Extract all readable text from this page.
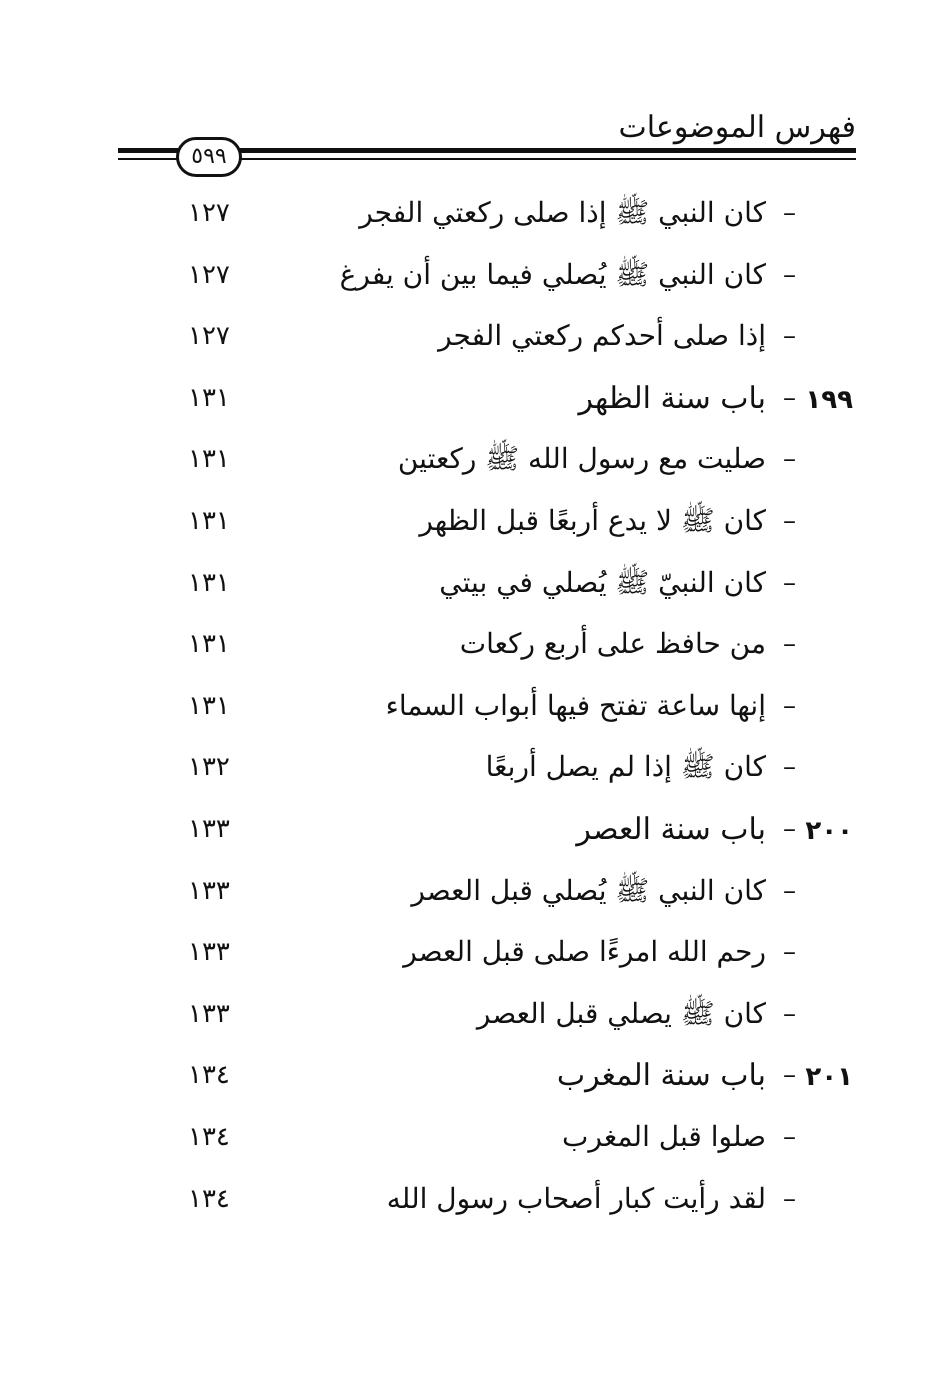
فهرس الموضوعات
٥٩٩
–
كان النبي ﷺ إذا صلى ركعتي الفجر
١٢٧
–
كان النبي ﷺ يُصلي فيما بين أن يفرغ
١٢٧
–
إذا صلى أحدكم ركعتي الفجر
١٢٧
١٩٩
–
باب سنة الظهر
١٣١
–
صليت مع رسول الله ﷺ ركعتين
١٣١
–
كان ﷺ لا يدع أربعًا قبل الظهر
١٣١
–
كان النبيّ ﷺ يُصلي في بيتي
١٣١
–
من حافظ على أربع ركعات
١٣١
–
إنها ساعة تفتح فيها أبواب السماء
١٣١
–
كان ﷺ إذا لم يصل أربعًا
١٣٢
٢٠٠
–
باب سنة العصر
١٣٣
–
كان النبي ﷺ يُصلي قبل العصر
١٣٣
–
رحم الله امرءًا صلى قبل العصر
١٣٣
–
كان ﷺ يصلي قبل العصر
١٣٣
٢٠١
–
باب سنة المغرب
١٣٤
–
صلوا قبل المغرب
١٣٤
–
لقد رأيت كبار أصحاب رسول الله
١٣٤
